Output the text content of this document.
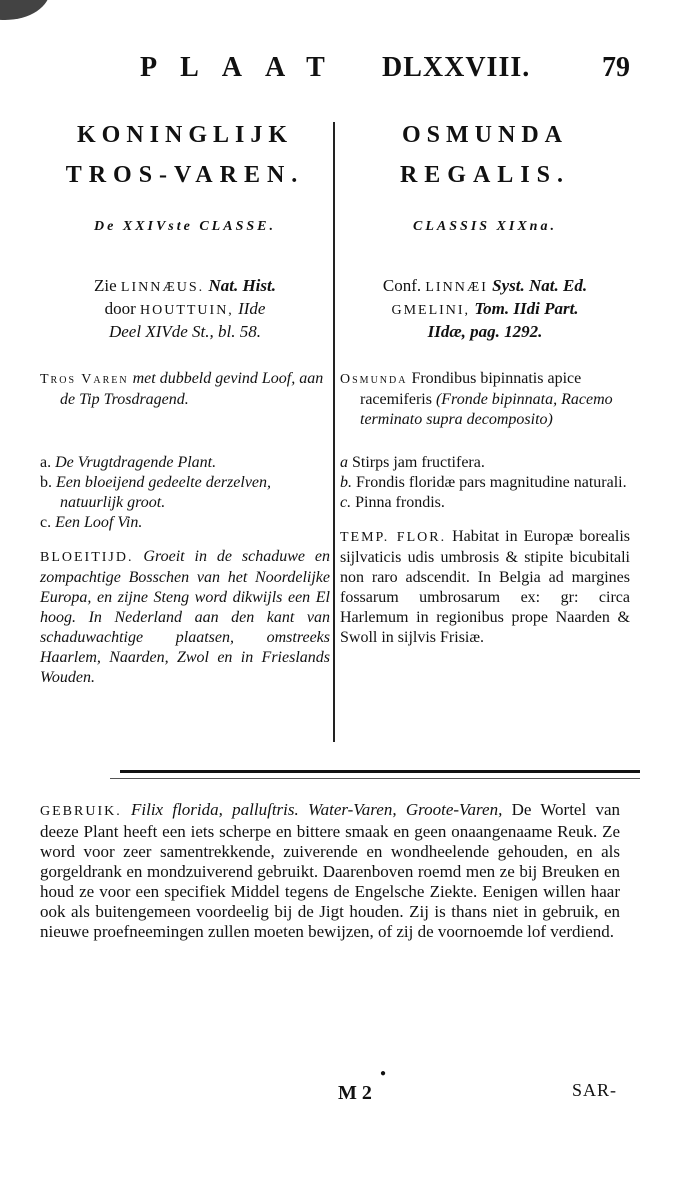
PLAAT DLXXVIII.	79
KONINGLIJK
TROS-VAREN.
De XXIVste CLASSE.
Zie LINNÆUS. Nat. Hist.
door HOUTTUIN, IIde
Deel XIVde St., bl. 58.
Tros Varen met dubbeld gevind Loof, aan de Tip Trosdragend.
a. De Vrugtdragende Plant.
b. Een bloeijend gedeelte derzelven, natuurlijk groot.
c. Een Loof Vin.
BLOEITIJD. Groeit in de schaduwe en zompachtige Bosschen van het Noordelijke Europa, en zijne Steng word dikwijls een El hoog. In Nederland aan den kant van schaduwachtige plaatsen, omstreeks Haarlem, Naarden, Zwol en in Frieslands Wouden.
OSMUNDA
REGALIS.
CLASSIS XIXna.
Conf. LINNÆI Syst. Nat. Ed.
GMELINI, Tom. IIdi Part.
IIdæ, pag. 1292.
Osmunda Frondibus bipinnatis apice racemiferis (Fronde bipinnata, Racemo terminato supra decomposito)
a Stirps jam fructifera.
b. Frondis floridæ pars magnitudine naturali.
c. Pinna frondis.
TEMP. FLOR. Habitat in Europæ borealis sijlvaticis udis umbrosis & stipite bicubitali non raro adscendit. In Belgia ad margines fossarum umbrosarum ex: gr: circa Harlemum in regionibus prope Naarden & Swoll in sijlvis Frisiæ.
GEBRUIK. Filix florida, palluſtris. Water-Varen, Groote-Varen, De Wortel van deeze Plant heeft een iets scherpe en bittere smaak en geen onaangenaame Reuk. Ze word voor zeer samentrekkende, zuiverende en wondheelende gehouden, en als gorgeldrank en mondzuiverend gebruikt. Daarenboven roemd men ze bij Breuken en houd ze voor een specifiek Middel tegens de Engelsche Ziekte. Eenigen willen haar ook als buitengemeen voordeelig bij de Jigt houden. Zij is thans niet in gebruik, en nieuwe proefneemingen zullen moeten bewijzen, of zij de voornoemde lof verdiend.
●
M 2	SAR-
